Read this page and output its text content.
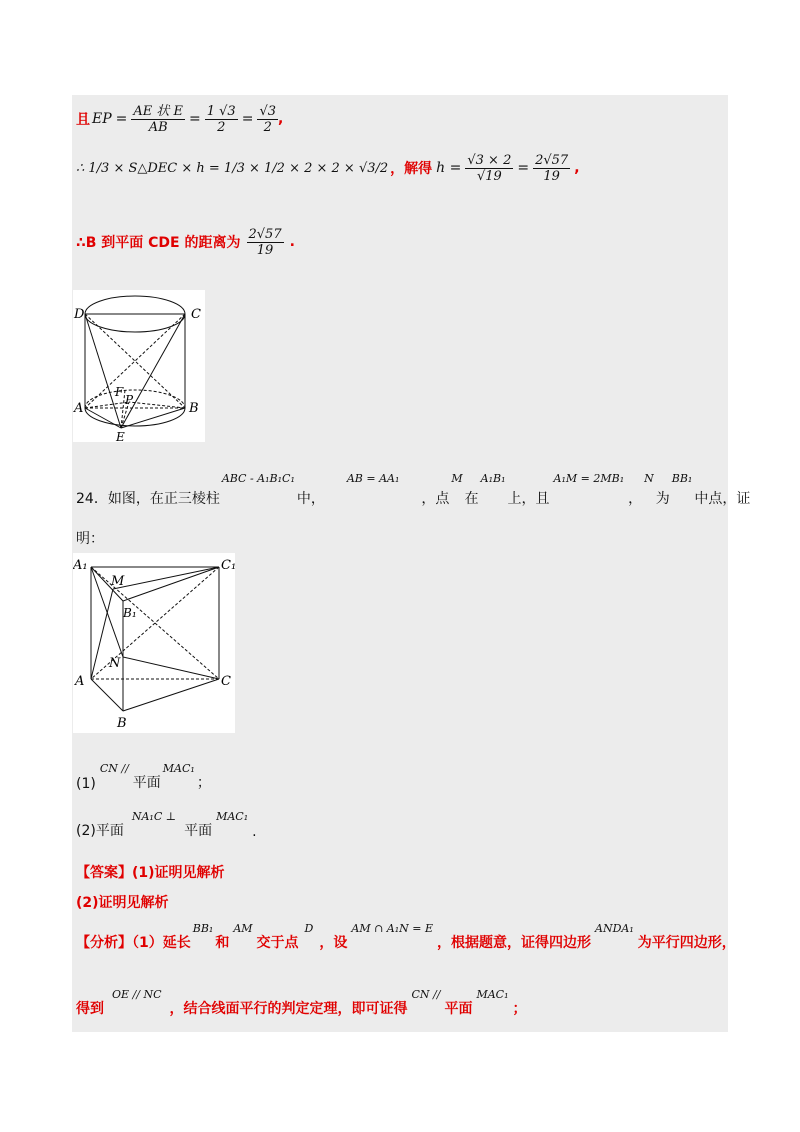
且 EP = $\frac{\text{AE 状 E}}{AB} = \frac{1 √3}{2} = \frac{√3}{2}$ ,
∴ 1/3 × S△DEC × h = 1/3 × 1/2 × 2 × 2 × √3/2 ，解得 $h = \frac{√3 \times 2}{√19} = \frac{2√57}{19}$ ,
∴B 到平面 CDE 的距离为 $\frac{2√57}{19}$ .
D	C
A	B
F
P
E
24．如图，在正三棱柱
ABC - A₁B₁C₁
中，
AB = AA₁
，点
M
在
A₁B₁
上，且
A₁M = 2MB₁
，
N
为
BB₁
中点，证
明：
A₁	C₁
M
B₁
N
A	C
B
(1)
CN //
平面
MAC₁
；
(2)平面
NA₁C ⊥
平面
MAC₁
.
【答案】(1)证明见解析
(2)证明见解析
【分析】（1）延长
BB₁
和
AM
交于点
D
，设
AM ∩ A₁N = E
，根据题意，证得四边形
ANDA₁
为平行四边形，
得到
OE // NC
，结合线面平行的判定定理，即可证得
CN //
平面
MAC₁
；
